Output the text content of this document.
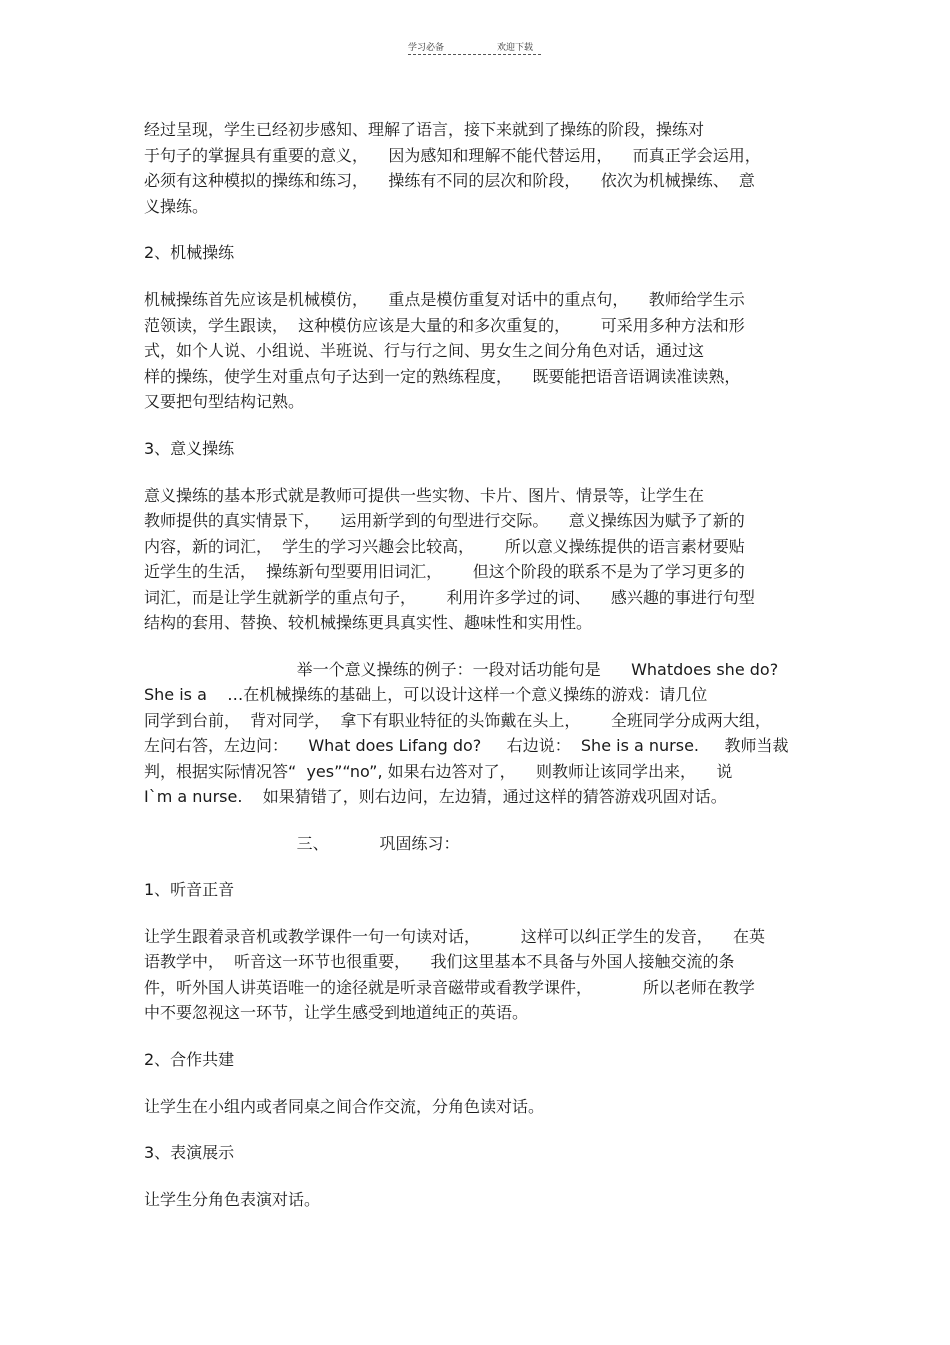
学习必备	欢迎下载

经过呈现，学生已经初步感知、理解了语言，接下来就到了操练的阶段，操练对

于句子的掌握具有重要的意义，    因为感知和理解不能代替运用，    而真正学会运用，

必须有这种模拟的操练和练习，    操练有不同的层次和阶段，    依次为机械操练、  意

义操练。

2、机械操练

机械操练首先应该是机械模仿，    重点是模仿重复对话中的重点句，    教师给学生示

范领读，学生跟读，  这种模仿应该是大量的和多次重复的，      可采用多种方法和形

式，如个人说、小组说、半班说、行与行之间、男女生之间分角色对话，通过这

样的操练，使学生对重点句子达到一定的熟练程度，    既要能把语音语调读准读熟，

又要把句型结构记熟。

3、意义操练

意义操练的基本形式就是教师可提供一些实物、卡片、图片、情景等，让学生在

教师提供的真实情景下，    运用新学到的句型进行交际。    意义操练因为赋予了新的

内容，新的词汇，  学生的学习兴趣会比较高，      所以意义操练提供的语言素材要贴

近学生的生活，  操练新句型要用旧词汇，      但这个阶段的联系不是为了学习更多的

词汇，而是让学生就新学的重点句子，      利用许多学过的词、    感兴趣的事进行句型

结构的套用、替换、较机械操练更具真实性、趣味性和实用性。

举一个意义操练的例子：一段对话功能句是      Whatdoes she do?

She is a    …在机械操练的基础上，可以设计这样一个意义操练的游戏：请几位

同学到台前，  背对同学，  拿下有职业特征的头饰戴在头上，      全班同学分成两大组，

左问右答，左边问：    What does Lifang do?     右边说：  She is a nurse.     教师当裁

判，根据实际情况答“  yes”“no”, 如果右边答对了，    则教师让该同学出来，    说

I`m a nurse.    如果猜错了，则右边问，左边猜，通过这样的猜答游戏巩固对话。

三、          巩固练习：

1、听音正音

让学生跟着录音机或教学课件一句一句读对话，        这样可以纠正学生的发音，    在英

语教学中，  听音这一环节也很重要，    我们这里基本不具备与外国人接触交流的条

件，听外国人讲英语唯一的途径就是听录音磁带或看教学课件，          所以老师在教学

中不要忽视这一环节，让学生感受到地道纯正的英语。

2、合作共建

让学生在小组内或者同桌之间合作交流，分角色读对话。

3、表演展示

让学生分角色表演对话。
